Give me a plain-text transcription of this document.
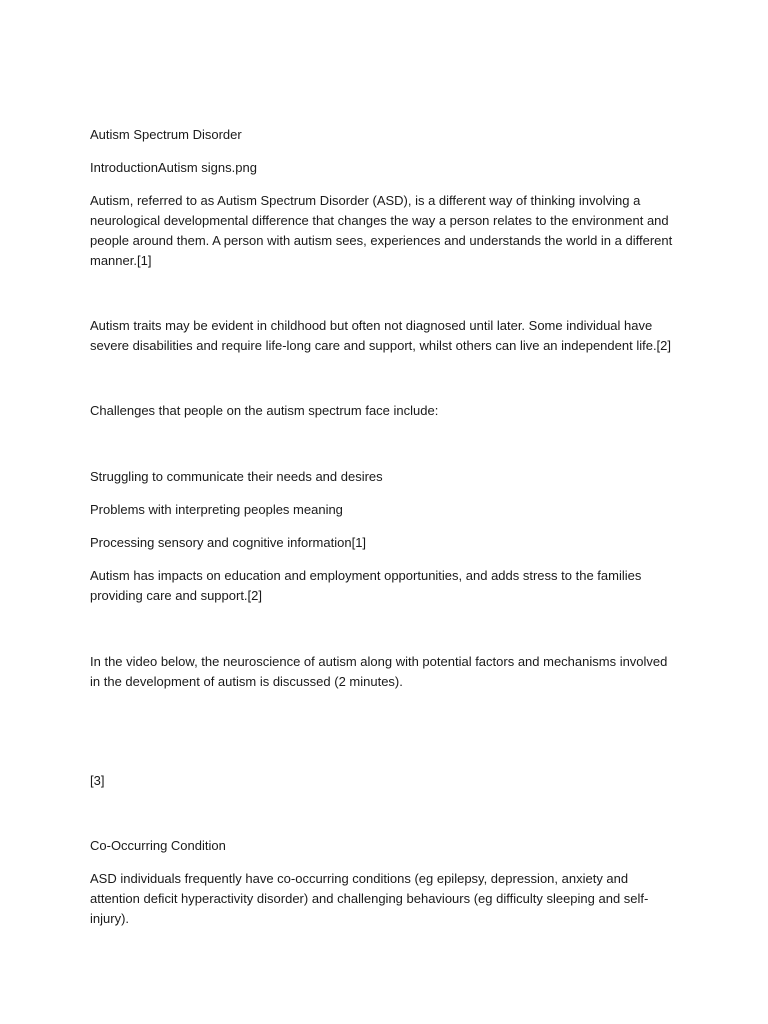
Autism Spectrum Disorder

IntroductionAutism signs.png

Autism, referred to as Autism Spectrum Disorder (ASD), is a different way of thinking involving a neurological developmental difference that changes the way a person relates to the environment and people around them. A person with autism sees, experiences and understands the world in a different manner.[1]

Autism traits may be evident in childhood but often not diagnosed until later. Some individual have severe disabilities and require life-long care and support, whilst others can live an independent life.[2]

Challenges that people on the autism spectrum face include:

Struggling to communicate their needs and desires

Problems with interpreting peoples meaning

Processing sensory and cognitive information[1]

Autism has impacts on education and employment opportunities, and adds stress to the families providing care and support.[2]

In the video below, the neuroscience of autism along with potential factors and mechanisms involved in the development of autism is discussed (2 minutes).

[3]

Co-Occurring Condition

ASD individuals frequently have co-occurring conditions (eg epilepsy, depression, anxiety and attention deficit hyperactivity disorder) and challenging behaviours (eg difficulty sleeping and self-injury).
